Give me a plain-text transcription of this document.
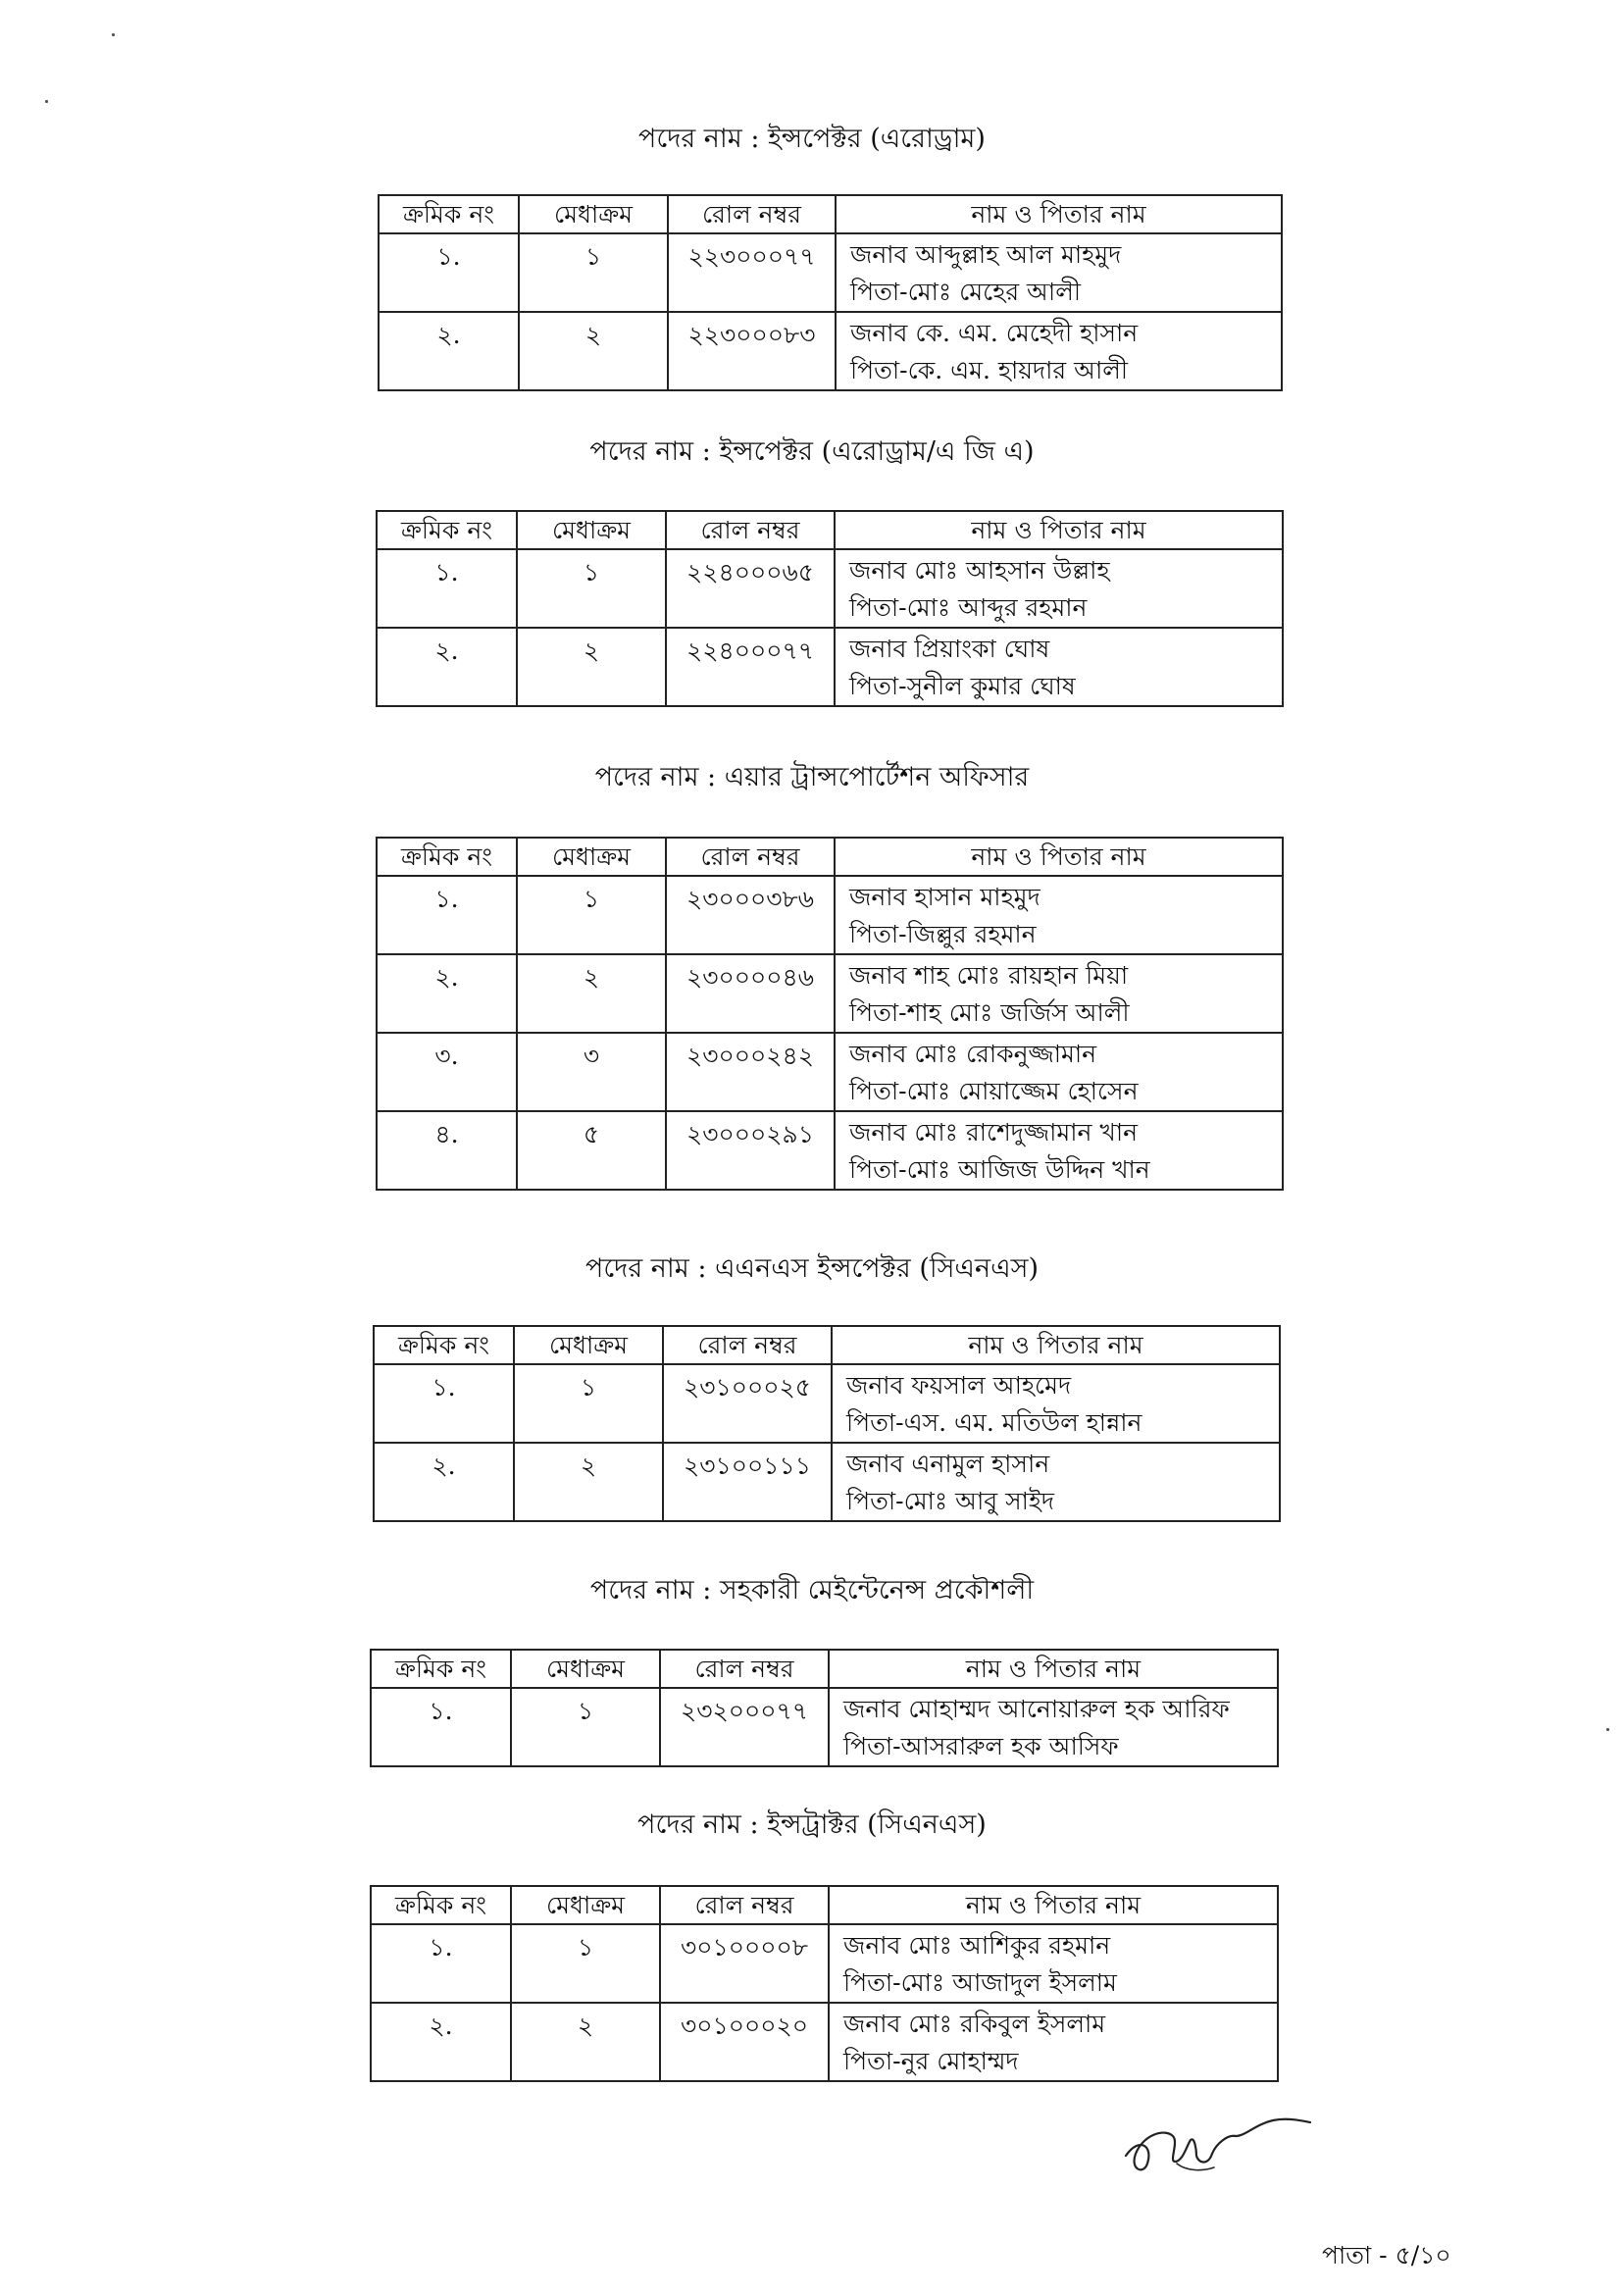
পদের নাম : ইন্সপেক্টর (এরোড্রাম)
ক্রমিক নং	মেধাক্রম	রোল নম্বর	নাম ও পিতার নাম

১.	১	২২৩০০০৭৭	জনাব আব্দুল্লাহ আল মাহমুদ
পিতা-মোঃ মেহের আলী

২.	২	২২৩০০০৮৩	জনাব কে. এম. মেহেদী হাসান
পিতা-কে. এম. হায়দার আলী
পদের নাম : ইন্সপেক্টর (এরোড্রাম/এ জি এ)
ক্রমিক নং	মেধাক্রম	রোল নম্বর	নাম ও পিতার নাম

১.	১	২২৪০০০৬৫	জনাব মোঃ আহসান উল্লাহ
পিতা-মোঃ আব্দুর রহমান

২.	২	২২৪০০০৭৭	জনাব প্রিয়াংকা ঘোষ
পিতা-সুনীল কুমার ঘোষ
পদের নাম : এয়ার ট্রান্সপোর্টেশন অফিসার
ক্রমিক নং	মেধাক্রম	রোল নম্বর	নাম ও পিতার নাম

১.	১	২৩০০০৩৮৬	জনাব হাসান মাহমুদ
পিতা-জিল্লুর রহমান

২.	২	২৩০০০০৪৬	জনাব শাহ মোঃ রায়হান মিয়া
পিতা-শাহ মোঃ জর্জিস আলী

৩.	৩	২৩০০০২৪২	জনাব মোঃ রোকনুজ্জামান
পিতা-মোঃ মোয়াজ্জেম হোসেন

৪.	৫	২৩০০০২৯১	জনাব মোঃ রাশেদুজ্জামান খান
পিতা-মোঃ আজিজ উদ্দিন খান
পদের নাম : এএনএস ইন্সপেক্টর (সিএনএস)
ক্রমিক নং	মেধাক্রম	রোল নম্বর	নাম ও পিতার নাম

১.	১	২৩১০০০২৫	জনাব ফয়সাল আহমেদ
পিতা-এস. এম. মতিউল হান্নান

২.	২	২৩১০০১১১	জনাব এনামুল হাসান
পিতা-মোঃ আবু সাইদ
পদের নাম : সহকারী মেইন্টেনেন্স প্রকৌশলী
ক্রমিক নং	মেধাক্রম	রোল নম্বর	নাম ও পিতার নাম

১.	১	২৩২০০০৭৭	জনাব মোহাম্মদ আনোয়ারুল হক আরিফ
পিতা-আসরারুল হক আসিফ
পদের নাম : ইন্সট্রাক্টর (সিএনএস)
ক্রমিক নং	মেধাক্রম	রোল নম্বর	নাম ও পিতার নাম

১.	১	৩০১০০০০৮	জনাব মোঃ আশিকুর রহমান
পিতা-মোঃ আজাদুল ইসলাম

২.	২	৩০১০০০২০	জনাব মোঃ রকিবুল ইসলাম
পিতা-নুর মোহাম্মদ
পাতা - ৫/১০
